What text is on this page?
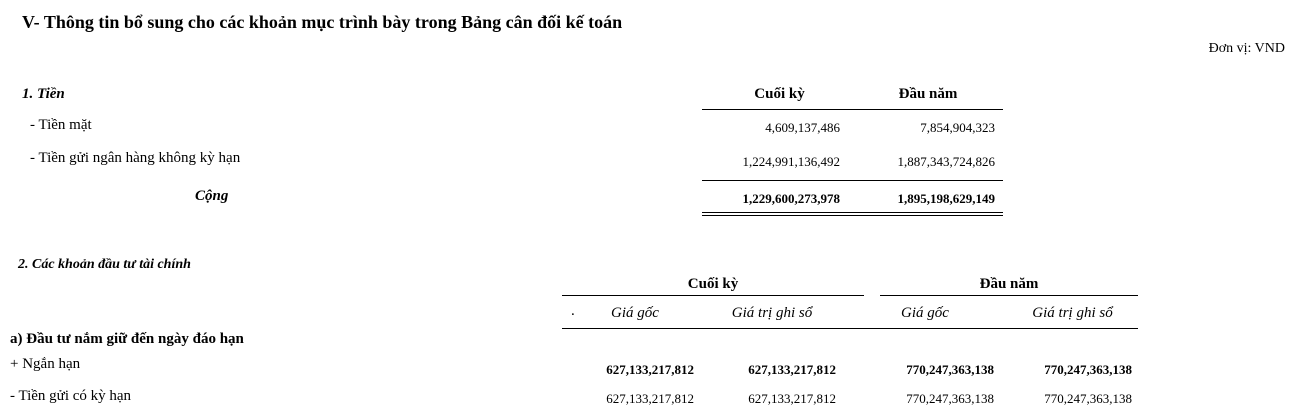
V- Thông tin bổ sung cho các khoản mục trình bày trong Bảng cân đối kế toán
Đơn vị: VND
1. Tiền	Cuối kỳ	Đầu năm
- Tiền mặt	4,609,137,486	7,854,904,323
- Tiền gửi ngân hàng không kỳ hạn	1,224,991,136,492	1,887,343,724,826
Cộng	1,229,600,273,978	1,895,198,629,149
2. Các khoản đầu tư tài chính
Cuối kỳ	Đầu năm
.	Giá gốc	Giá trị ghi sổ	Giá gốc	Giá trị ghi sổ
a) Đầu tư nắm giữ đến ngày đáo hạn
+ Ngắn hạn	627,133,217,812	627,133,217,812	770,247,363,138	770,247,363,138
- Tiền gửi có kỳ hạn	627,133,217,812	627,133,217,812	770,247,363,138	770,247,363,138
